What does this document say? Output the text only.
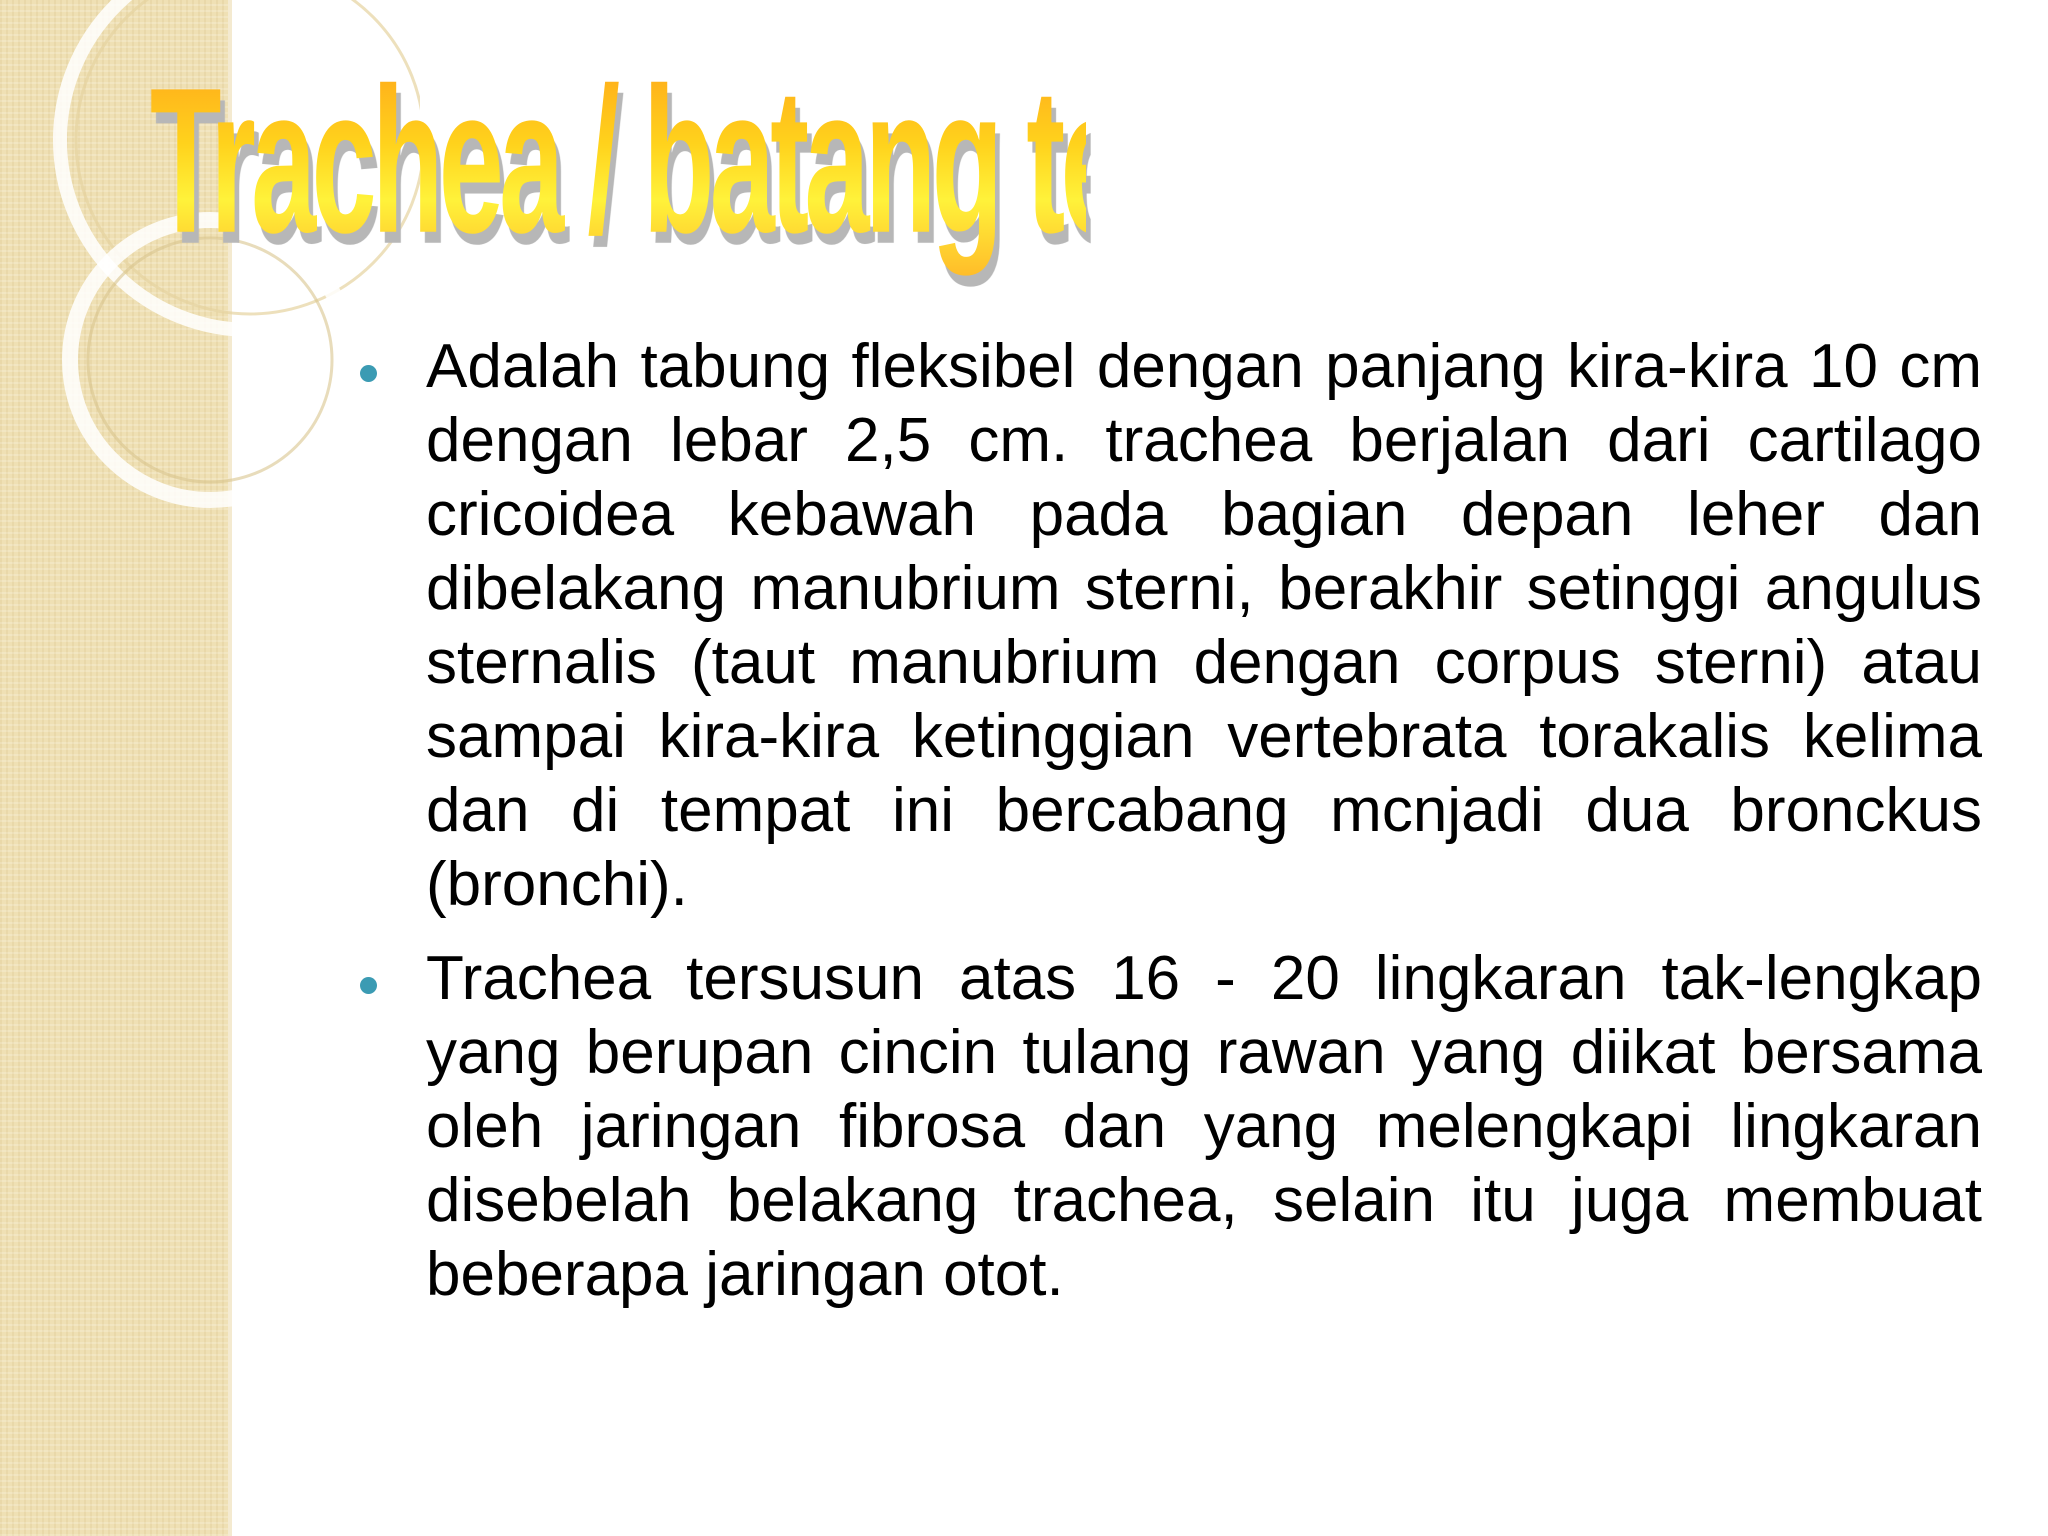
Trachea / batang tenggorok
Adalah tabung fleksibel dengan panjang kira-kira 10 cm dengan lebar 2,5 cm. trachea berjalan dari cartilago cricoidea kebawah pada bagian depan leher dan dibelakang manubrium sterni, berakhir setinggi angulus sternalis (taut manubrium dengan corpus sterni) atau sampai kira-kira ketinggian vertebrata torakalis kelima dan di tempat ini bercabang mcnjadi dua bronckus (bronchi).
Trachea tersusun atas 16 - 20 lingkaran tak-lengkap yang berupan cincin tulang rawan yang diikat bersama oleh jaringan fibrosa dan yang melengkapi lingkaran disebelah belakang trachea, selain itu juga membuat beberapa jaringan otot.
